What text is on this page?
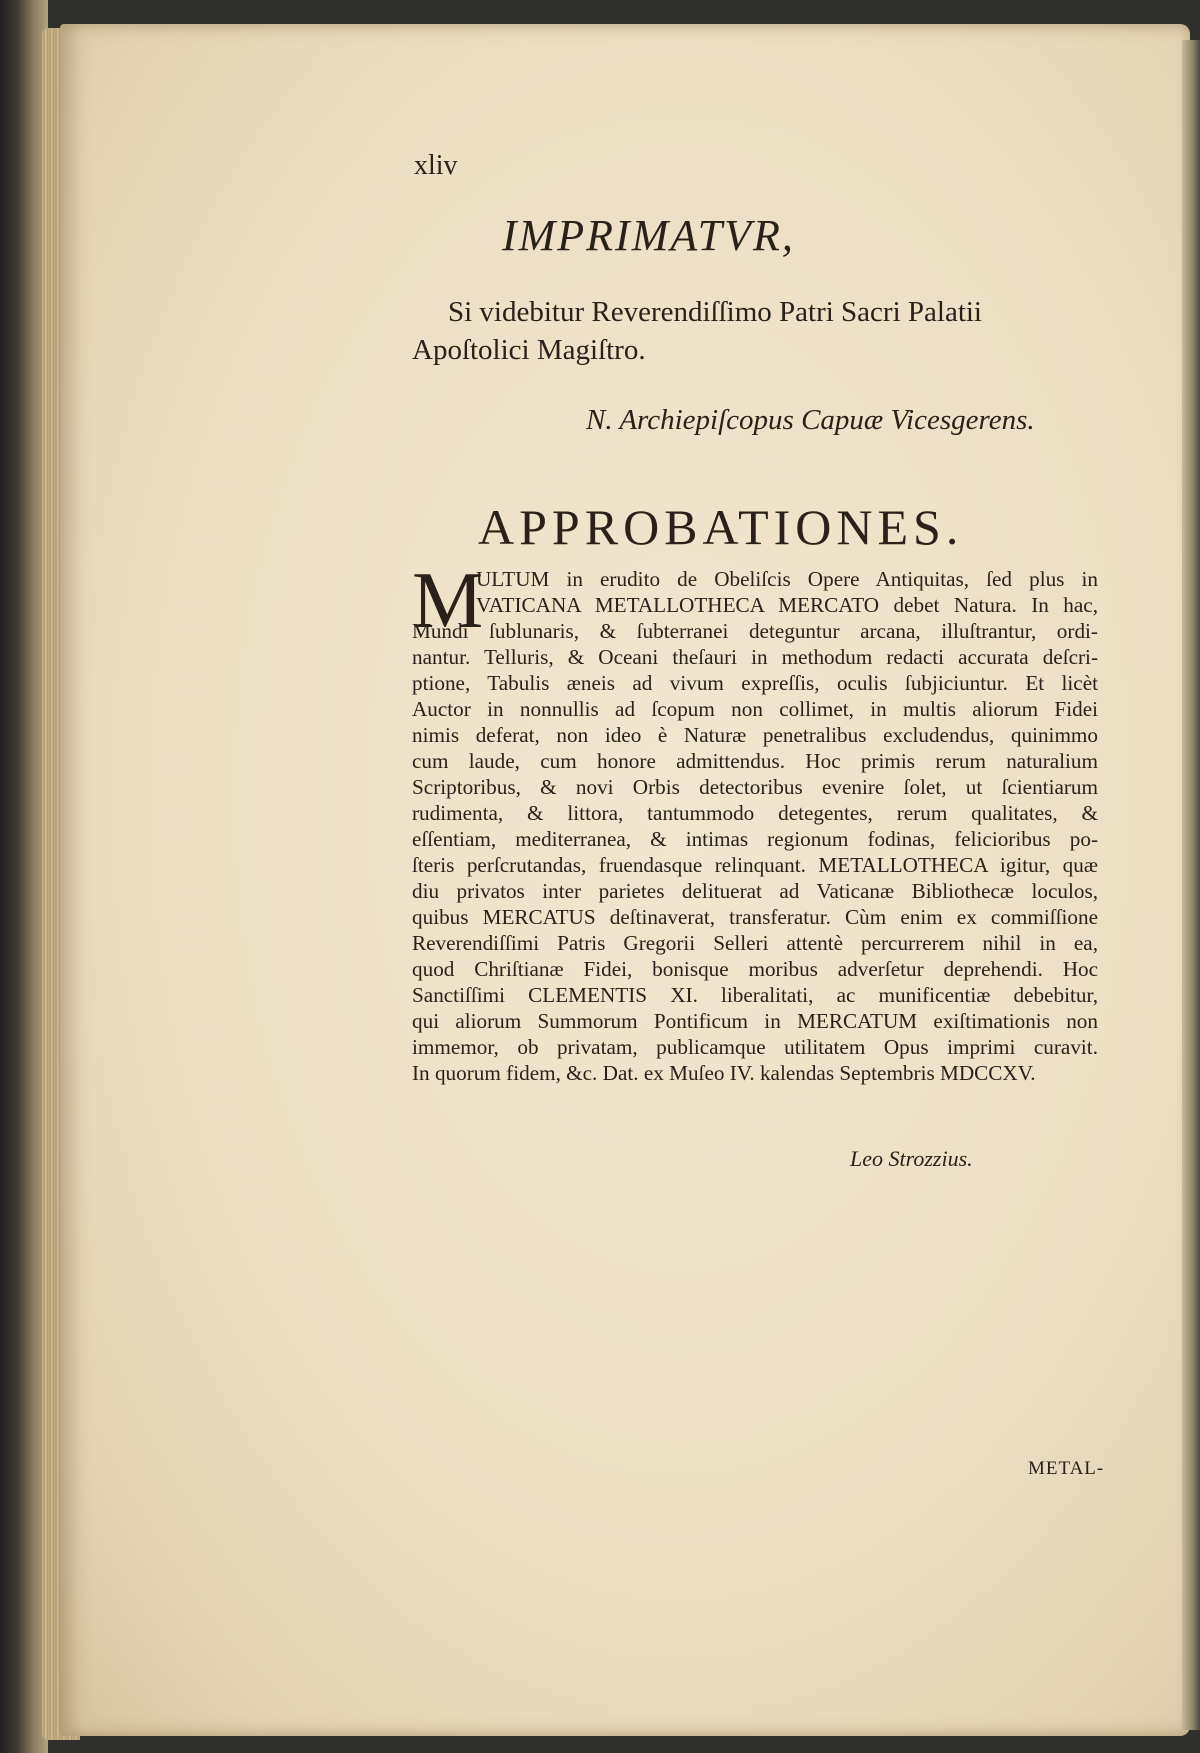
xliv
IMPRIMATVR,
Si videbitur Reverendiſſimo Patri Sacri Palatii
Apoſtolici Magiſtro.
N. Archiepiſcopus Capuæ Vicesgerens.
APPROBATIONES.
M
ULTUM in erudito de Obeliſcis Opere Antiquitas, ſed plus in
VATICANA METALLOTHECA MERCATO debet Natura. In hac,
Mundi ſublunaris, & ſubterranei deteguntur arcana, illuſtrantur, ordi-
nantur. Telluris, & Oceani theſauri in methodum redacti accurata deſcri-
ptione, Tabulis æneis ad vivum expreſſis, oculis ſubjiciuntur. Et licèt
Auctor in nonnullis ad ſcopum non collimet, in multis aliorum Fidei
nimis deferat, non ideo è Naturæ penetralibus excludendus, quinimmo
cum laude, cum honore admittendus. Hoc primis rerum naturalium
Scriptoribus, & novi Orbis detectoribus evenire ſolet, ut ſcientiarum
rudimenta, & littora, tantummodo detegentes, rerum qualitates, &
eſſentiam, mediterranea, & intimas regionum fodinas, felicioribus po-
ſteris perſcrutandas, fruendasque relinquant. METALLOTHECA igitur, quæ
diu privatos inter parietes delituerat ad Vaticanæ Bibliothecæ loculos,
quibus MERCATUS deſtinaverat, transferatur. Cùm enim ex commiſſione
Reverendiſſimi Patris Gregorii Selleri attentè percurrerem nihil in ea,
quod Chriſtianæ Fidei, bonisque moribus adverſetur deprehendi. Hoc
Sanctiſſimi CLEMENTIS XI. liberalitati, ac munificentiæ debebitur,
qui aliorum Summorum Pontificum in MERCATUM exiſtimationis non
immemor, ob privatam, publicamque utilitatem Opus imprimi curavit.
In quorum fidem, &c. Dat. ex Muſeo IV. kalendas Septembris MDCCXV.
Leo Strozzius.
METAL-
